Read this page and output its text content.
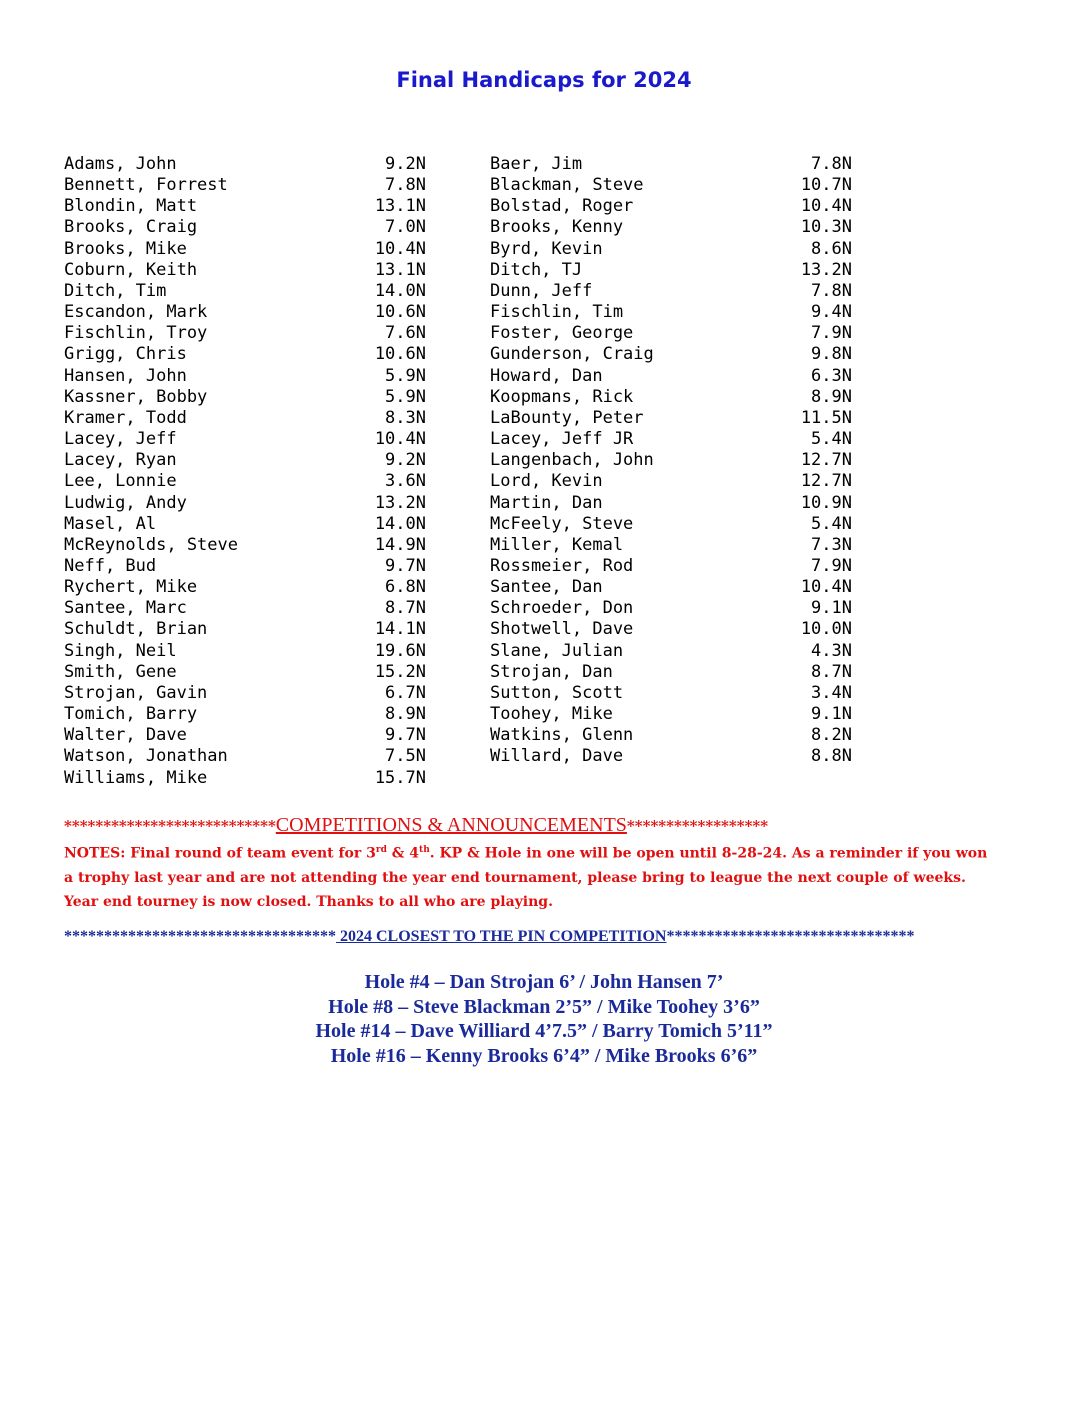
Final Handicaps for 2024
Adams, John	9.2N
Bennett, Forrest	7.8N
Blondin, Matt	13.1N
Brooks, Craig	7.0N
Brooks, Mike	10.4N
Coburn, Keith	13.1N
Ditch, Tim	14.0N
Escandon, Mark	10.6N
Fischlin, Troy	7.6N
Grigg, Chris	10.6N
Hansen, John	5.9N
Kassner, Bobby	5.9N
Kramer, Todd	8.3N
Lacey, Jeff	10.4N
Lacey, Ryan	9.2N
Lee, Lonnie	3.6N
Ludwig, Andy	13.2N
Masel, Al	14.0N
McReynolds, Steve	14.9N
Neff, Bud	9.7N
Rychert, Mike	6.8N
Santee, Marc	8.7N
Schuldt, Brian	14.1N
Singh, Neil	19.6N
Smith, Gene	15.2N
Strojan, Gavin	6.7N
Tomich, Barry	8.9N
Walter, Dave	9.7N
Watson, Jonathan	7.5N
Williams, Mike	15.7N
Baer, Jim	7.8N
Blackman, Steve	10.7N
Bolstad, Roger	10.4N
Brooks, Kenny	10.3N
Byrd, Kevin	8.6N
Ditch, TJ	13.2N
Dunn, Jeff	7.8N
Fischlin, Tim	9.4N
Foster, George	7.9N
Gunderson, Craig	9.8N
Howard, Dan	6.3N
Koopmans, Rick	8.9N
LaBounty, Peter	11.5N
Lacey, Jeff JR	5.4N
Langenbach, John	12.7N
Lord, Kevin	12.7N
Martin, Dan	10.9N
McFeely, Steve	5.4N
Miller, Kemal	7.3N
Rossmeier, Rod	7.9N
Santee, Dan	10.4N
Schroeder, Don	9.1N
Shotwell, Dave	10.0N
Slane, Julian	4.3N
Strojan, Dan	8.7N
Sutton, Scott	3.4N
Toohey, Mike	9.1N
Watkins, Glenn	8.2N
Willard, Dave	8.8N
***************************COMPETITIONS & ANNOUNCEMENTS******************

NOTES: Final round of team event for 3rd & 4th. KP & Hole in one will be open until 8-28-24. As a reminder if you won

a trophy last year and are not attending the year end tournament, please bring to league the next couple of weeks.

Year end tourney is now closed. Thanks to all who are playing.

********************************** 2024 CLOSEST TO THE PIN COMPETITION*******************************
Hole #4 – Dan Strojan 6’ / John Hansen 7’
Hole #8 – Steve Blackman 2’5” / Mike Toohey 3’6”
Hole #14 – Dave Williard 4’7.5” / Barry Tomich 5’11”
Hole #16 – Kenny Brooks 6’4” / Mike Brooks 6’6”
